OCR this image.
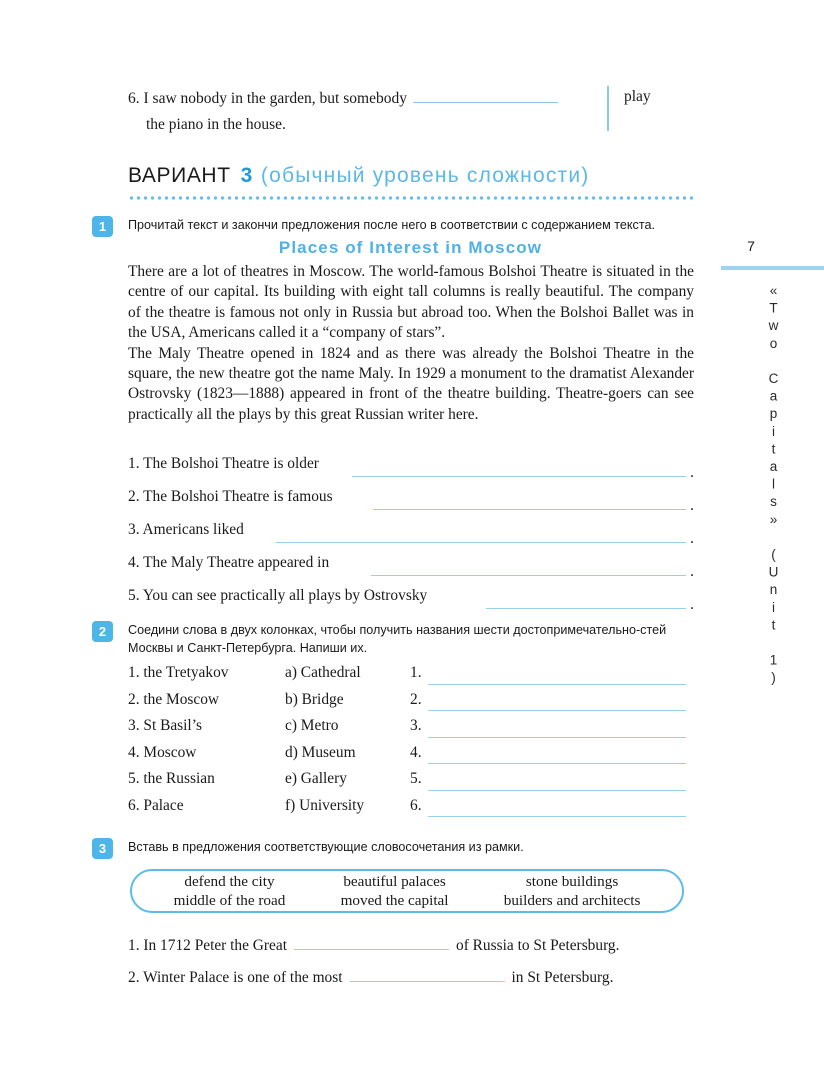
6. I saw nobody in the garden, but somebody
the piano in the house.
play
ВАРИАНТ 3 (обычный уровень сложности)
1	Прочитай текст и закончи предложения после него в соответствии с содержанием текста.
Places of Interest in Moscow

There are a lot of theatres in Moscow. The world-famous Bolshoi Theatre is situated in the centre of our capital. Its building with eight tall columns is really beautiful. The company of the theatre is famous not only in Russia but abroad too. When the Bolshoi Ballet was in the USA, Americans called it a “company of stars”.

The Maly Theatre opened in 1824 and as there was already the Bolshoi Theatre in the square, the new theatre got the name Maly. In 1929 a monument to the dramatist Alexander Ostrovsky (1823—1888) appeared in front of the theatre building. Theatre-goers can see practically all the plays by this great Russian writer here.

1. The Bolshoi Theatre is older
.
2. The Bolshoi Theatre is famous
.
3. Americans liked
.
4. The Maly Theatre appeared in
.
5. You can see practically all plays by Ostrovsky
.
2	Соедини слова в двух колонках, чтобы получить названия шести достопримечательно-стей Москвы и Санкт-Петербурга. Напиши их.
1. the Tretyakov	a) Cathedral	1.
2. the Moscow	b) Bridge	2.
3. St Basil’s	c) Metro	3.
4. Moscow	d) Museum	4.
5. the Russian	e) Gallery	5.
6. Palace	f) University	6.
3	Вставь в предложения соответствующие словосочетания из рамки.
defend the city
middle of the road
beautiful palaces
moved the capital
stone buildings
builders and architects
1. In 1712 Peter the Great	of Russia to St Petersburg.
2. Winter Palace is one of the most	in St Petersburg.
7
«Two Capitals» (Unit 1)
